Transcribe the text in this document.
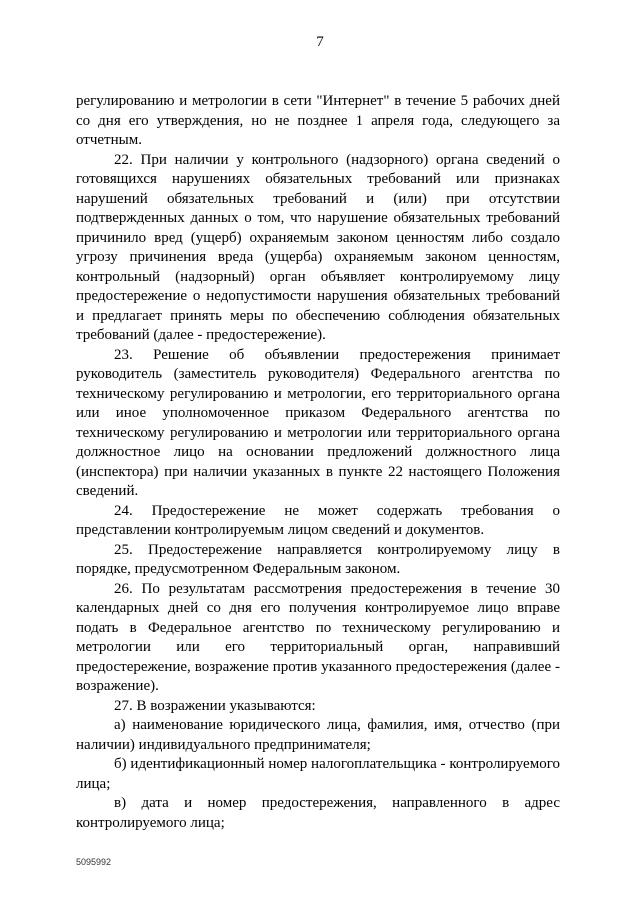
7

регулированию и метрологии в сети "Интернет" в течение 5 рабочих дней со дня его утверждения, но не позднее 1 апреля года, следующего за отчетным.

22. При наличии у контрольного (надзорного) органа сведений о готовящихся нарушениях обязательных требований или признаках нарушений обязательных требований и (или) при отсутствии подтвержденных данных о том, что нарушение обязательных требований причинило вред (ущерб) охраняемым законом ценностям либо создало угрозу причинения вреда (ущерба) охраняемым законом ценностям, контрольный (надзорный) орган объявляет контролируемому лицу предостережение о недопустимости нарушения обязательных требований и предлагает принять меры по обеспечению соблюдения обязательных требований (далее - предостережение).

23. Решение об объявлении предостережения принимает руководитель (заместитель руководителя) Федерального агентства по техническому регулированию и метрологии, его территориального органа или иное уполномоченное приказом Федерального агентства по техническому регулированию и метрологии или территориального органа должностное лицо на основании предложений должностного лица (инспектора) при наличии указанных в пункте 22 настоящего Положения сведений.

24. Предостережение не может содержать требования о представлении контролируемым лицом сведений и документов.

25. Предостережение направляется контролируемому лицу в порядке, предусмотренном Федеральным законом.

26. По результатам рассмотрения предостережения в течение 30 календарных дней со дня его получения контролируемое лицо вправе подать в Федеральное агентство по техническому регулированию и метрологии или его территориальный орган, направивший предостережение, возражение против указанного предостережения (далее - возражение).

27. В возражении указываются:

а) наименование юридического лица, фамилия, имя, отчество (при наличии) индивидуального предпринимателя;

б) идентификационный номер налогоплательщика - контролируемого лица;

в) дата и номер предостережения, направленного в адрес контролируемого лица;

5095992
